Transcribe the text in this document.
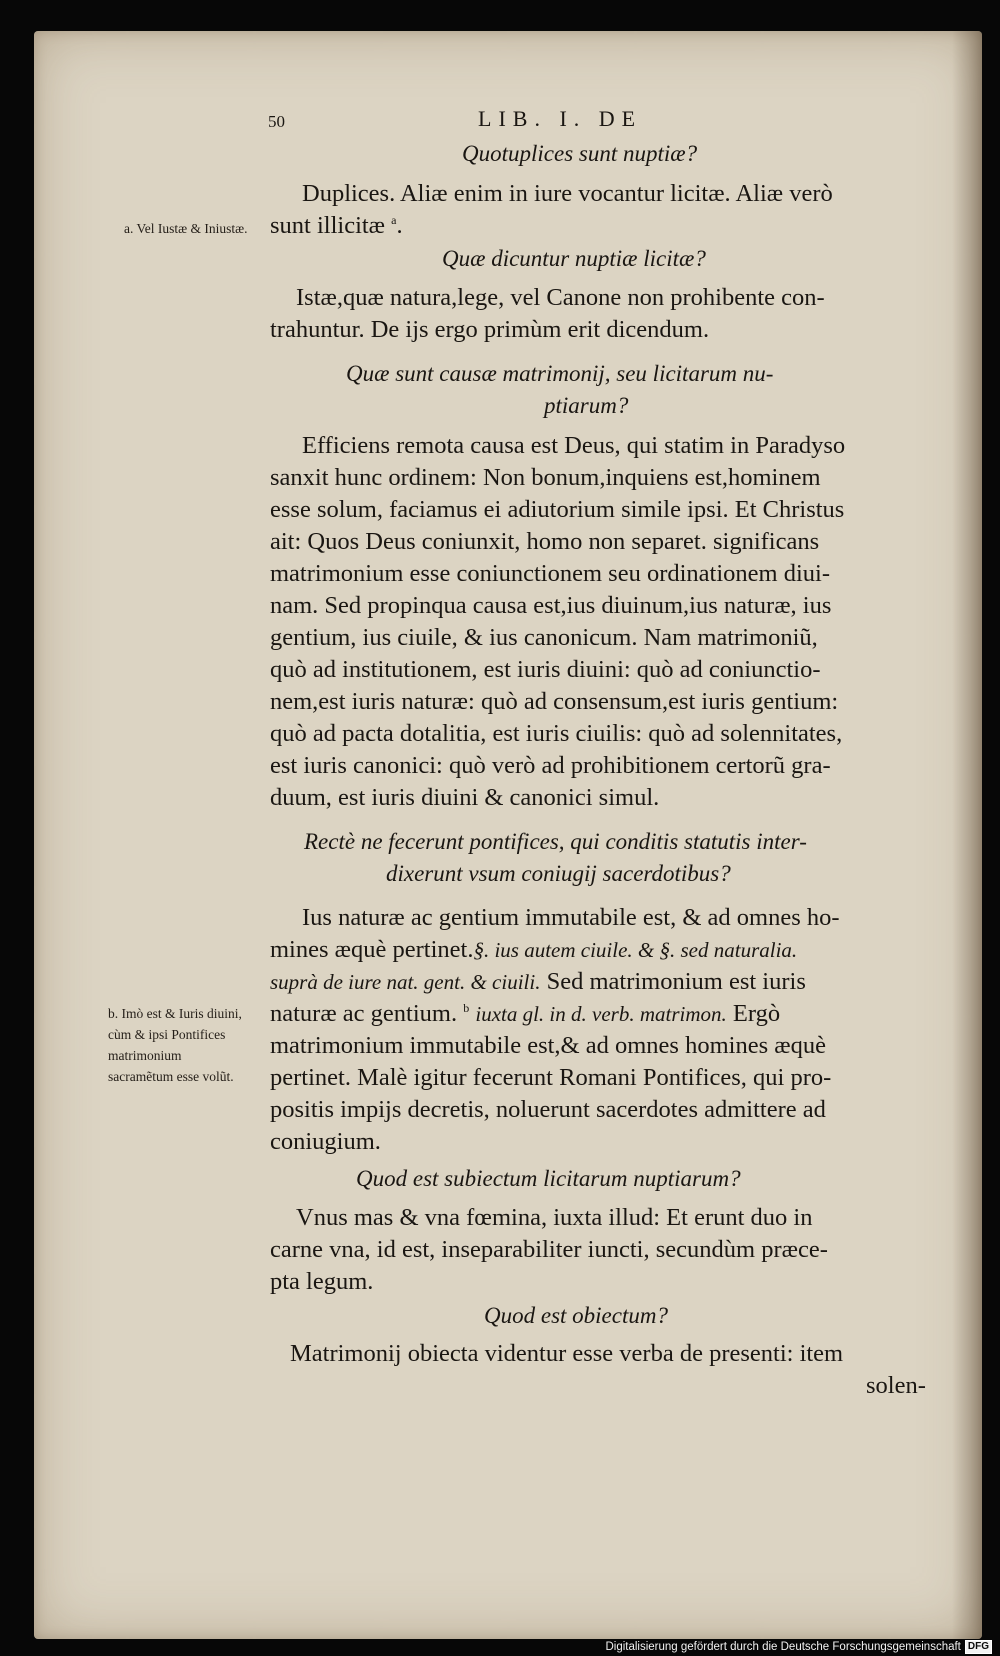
50	LIB. I. DE
a. Vel Iustæ & Iniustæ.
b. Imò est & Iuris diuini, cùm & ipsi Pontifices matrimonium sacramẽtum esse volũt.
Quotuplices sunt nuptiæ?
Duplices. Aliæ enim in iure vocantur licitæ. Aliæ verò
sunt illicitæ $^a$.
Quæ dicuntur nuptiæ licitæ?
Istæ,quæ natura,lege, vel Canone non prohibente con-
trahuntur. De ijs ergo primùm erit dicendum.
Quæ sunt causæ matrimonij, seu licitarum nu-
ptiarum?
Efficiens remota causa est Deus, qui statim in Paradyso
sanxit hunc ordinem: Non bonum,inquiens est,hominem
esse solum, faciamus ei adiutorium simile ipsi. Et Christus
ait: Quos Deus coniunxit, homo non separet. significans
matrimonium esse coniunctionem seu ordinationem diui-
nam. Sed propinqua causa est,ius diuinum,ius naturæ, ius
gentium, ius ciuile, & ius canonicum. Nam matrimoniũ,
quò ad institutionem, est iuris diuini: quò ad coniunctio-
nem,est iuris naturæ: quò ad consensum,est iuris gentium:
quò ad pacta dotalitia, est iuris ciuilis: quò ad solennitates,
est iuris canonici: quò verò ad prohibitionem certorũ gra-
duum, est iuris diuini & canonici simul.
Rectè ne fecerunt pontifices, qui conditis statutis inter-
dixerunt vsum coniugij sacerdotibus?
Ius naturæ ac gentium immutabile est, & ad omnes ho-
mines æquè pertinet.§. ius autem ciuile. & §. sed naturalia.
suprà de iure nat. gent. & ciuili. Sed matrimonium est iuris
naturæ ac gentium. $^b$ iuxta gl. in d. verb. matrimon. Ergò
matrimonium immutabile est,& ad omnes homines æquè
pertinet. Malè igitur fecerunt Romani Pontifices, qui pro-
positis impijs decretis, noluerunt sacerdotes admittere ad
coniugium.
Quod est subiectum licitarum nuptiarum?
Vnus mas & vna fœmina, iuxta illud: Et erunt duo in
carne vna, id est, inseparabiliter iuncti, secundùm præce-
pta legum.
Quod est obiectum?
Matrimonij obiecta videntur esse verba de presenti: item
solen-
Digitalisierung gefördert durch die Deutsche Forschungsgemeinschaft DFG
